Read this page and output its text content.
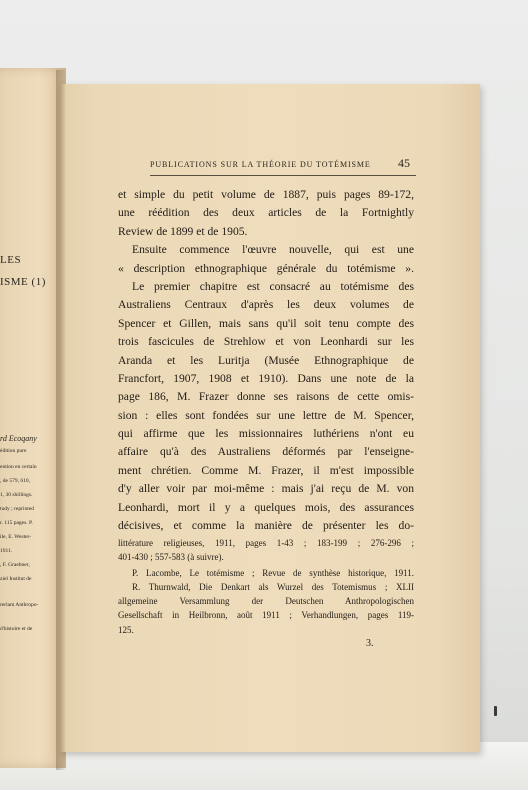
LES
ISME (1)
rd Ecoqany
édition pure
ention en certain
, de 579, 610,
1, 30 shillings.
tudy ; reprinted
r. 115 pages. P.
ile, E. Wester-
1911.
, F. Graebner,
ziel Institut de
rerlam Anthropo-
d'histoire et de
PUBLICATIONS SUR LA THÉORIE DU TOTÉMISME	45
et simple du petit volume de 1887, puis pages 89-172,
une réédition des deux articles de la Fortnightly
Review de 1899 et de 1905.
Ensuite commence l'œuvre nouvelle, qui est une
« description ethnographique générale du totémisme ».
Le premier chapitre est consacré au totémisme des
Australiens Centraux d'après les deux volumes de
Spencer et Gillen, mais sans qu'il soit tenu compte des
trois fascicules de Strehlow et von Leonhardi sur les
Aranda et les Luritja (Musée Ethnographique de
Francfort, 1907, 1908 et 1910). Dans une note de la
page 186, M. Frazer donne ses raisons de cette omis-
sion : elles sont fondées sur une lettre de M. Spencer,
qui affirme que les missionnaires luthériens n'ont eu
affaire qu'à des Australiens déformés par l'enseigne-
ment chrétien. Comme M. Frazer, il m'est impossible
d'y aller voir par moi-même : mais j'ai reçu de M. von
Leonhardi, mort il y a quelques mois, des assurances
décisives, et comme la manière de présenter les do-
littérature religieuses, 1911, pages 1-43 ; 183-199 ; 276-296 ;
401-430 ; 557-583 (à suivre).
P. Lacombe, Le totémisme ; Revue de synthèse historique, 1911.
R. Thurnwald, Die Denkart als Wurzel des Totemismus ; XLII
allgemeine Versammlung der Deutschen Anthropologischen
Gesellschaft in Heilbronn, août 1911 ; Verhandlungen, pages 119-
125.
3.
